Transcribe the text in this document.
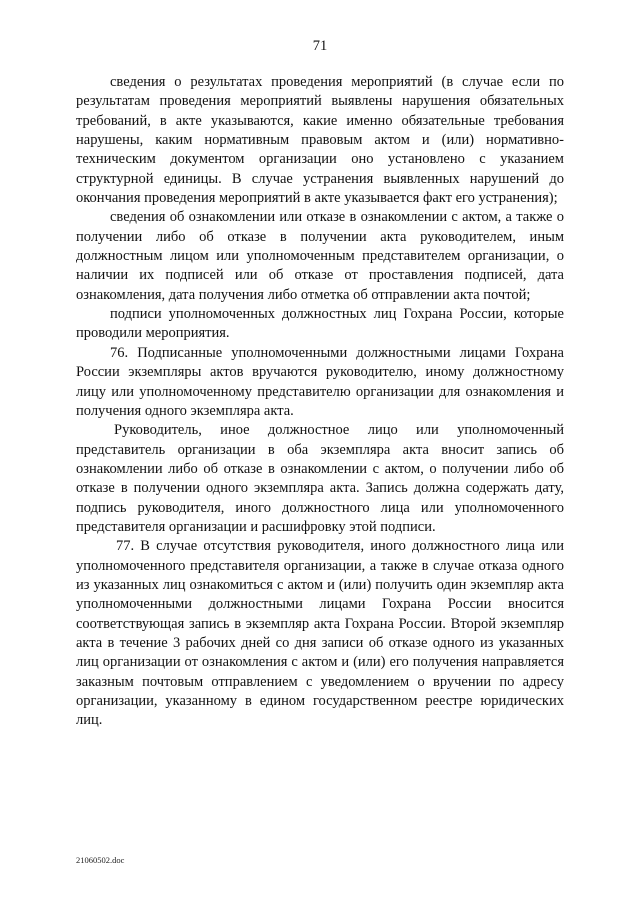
71

сведения о результатах проведения мероприятий (в случае если по результатам проведения мероприятий выявлены нарушения обязательных требований, в акте указываются, какие именно обязательные требования нарушены, каким нормативным правовым актом и (или) нормативно-техническим документом организации оно установлено с указанием структурной единицы. В случае устранения выявленных нарушений до окончания проведения мероприятий в акте указывается факт его устранения);

сведения об ознакомлении или отказе в ознакомлении с актом, а также о получении либо об отказе в получении акта руководителем, иным должностным лицом или уполномоченным представителем организации, о наличии их подписей или об отказе от проставления подписей, дата ознакомления, дата получения либо отметка об отправлении акта почтой;

подписи уполномоченных должностных лиц Гохрана России, которые проводили мероприятия.

76. Подписанные уполномоченными должностными лицами Гохрана России экземпляры актов вручаются руководителю, иному должностному лицу или уполномоченному представителю организации для ознакомления и получения одного экземпляра акта.

Руководитель, иное должностное лицо или уполномоченный представитель организации в оба экземпляра акта вносит запись об ознакомлении либо об отказе в ознакомлении с актом, о получении либо об отказе в получении одного экземпляра акта. Запись должна содержать дату, подпись руководителя, иного должностного лица или уполномоченного представителя организации и расшифровку этой подписи.

77. В случае отсутствия руководителя, иного должностного лица или уполномоченного представителя организации, а также в случае отказа одного из указанных лиц ознакомиться с актом и (или) получить один экземпляр акта уполномоченными должностными лицами Гохрана России вносится соответствующая запись в экземпляр акта Гохрана России. Второй экземпляр акта в течение 3 рабочих дней со дня записи об отказе одного из указанных лиц организации от ознакомления с актом и (или) его получения направляется заказным почтовым отправлением с уведомлением о вручении по адресу организации, указанному в едином государственном реестре юридических лиц.

21060502.doc
